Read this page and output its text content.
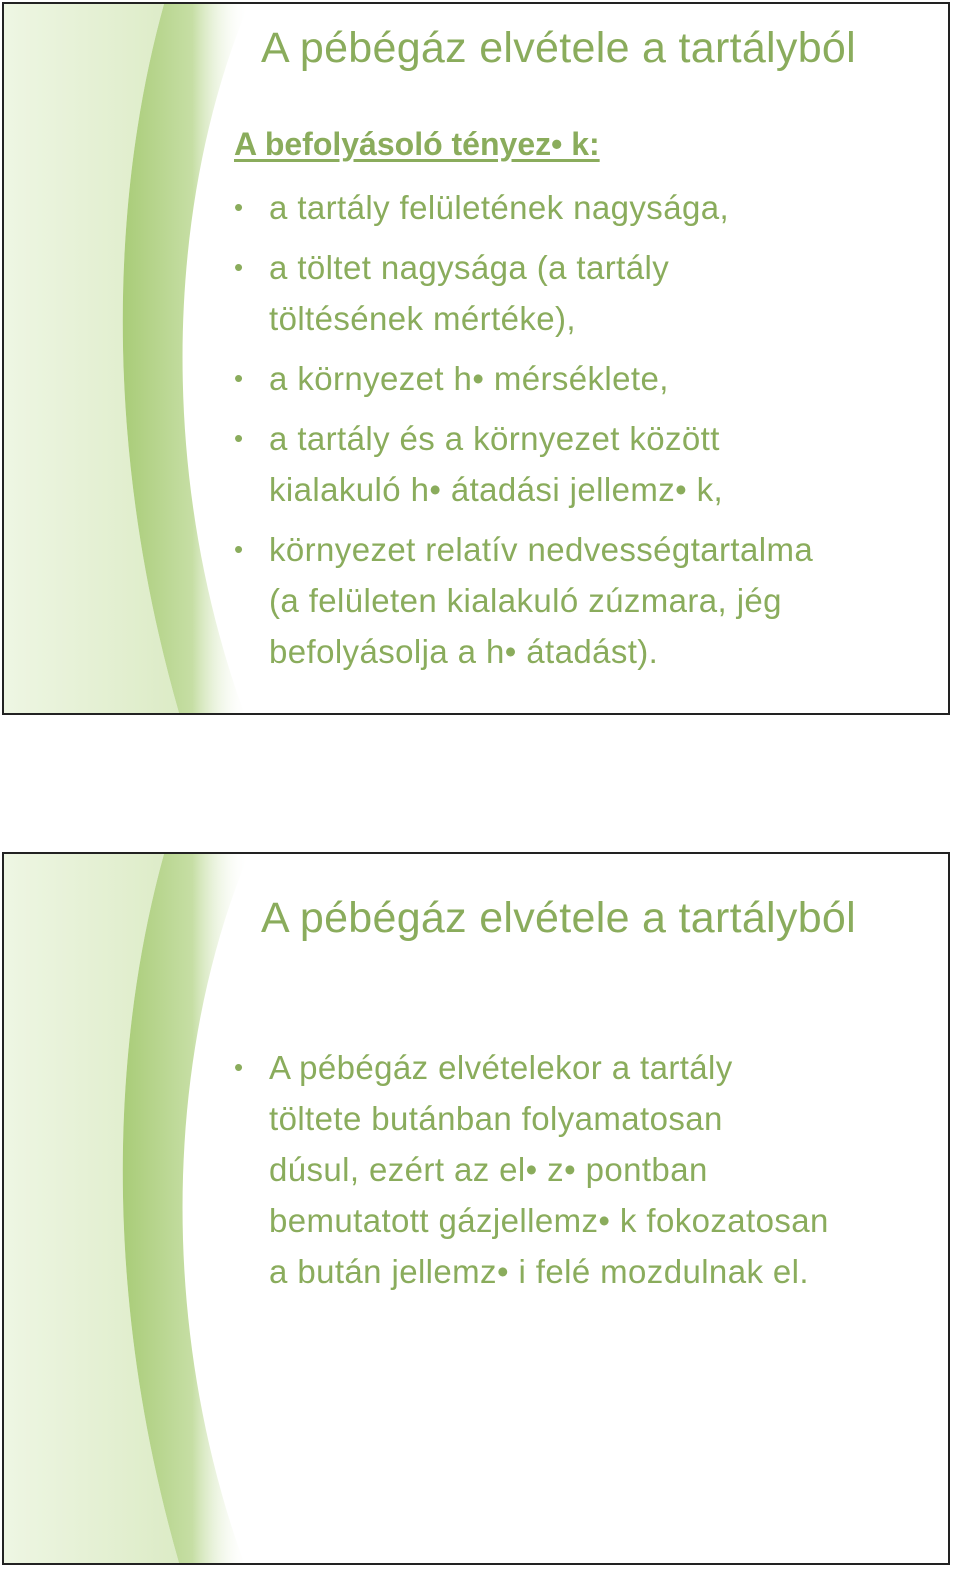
A pébégáz elvétele a tartályból
A befolyásoló tényez• k:
• a tartály felületének nagysága,
• a töltet nagysága (a tartály
töltésének mértéke),
• a környezet h• mérséklete,
• a tartály és a környezet között
kialakuló h• átadási jellemz• k,
• környezet relatív nedvességtartalma
(a felületen kialakuló zúzmara, jég
befolyásolja a h• átadást).
A pébégáz elvétele a tartályból
• A pébégáz elvételekor a tartály
töltete butánban folyamatosan
dúsul, ezért az el• z• pontban
bemutatott gázjellemz• k fokozatosan
a bután jellemz• i felé mozdulnak el.
